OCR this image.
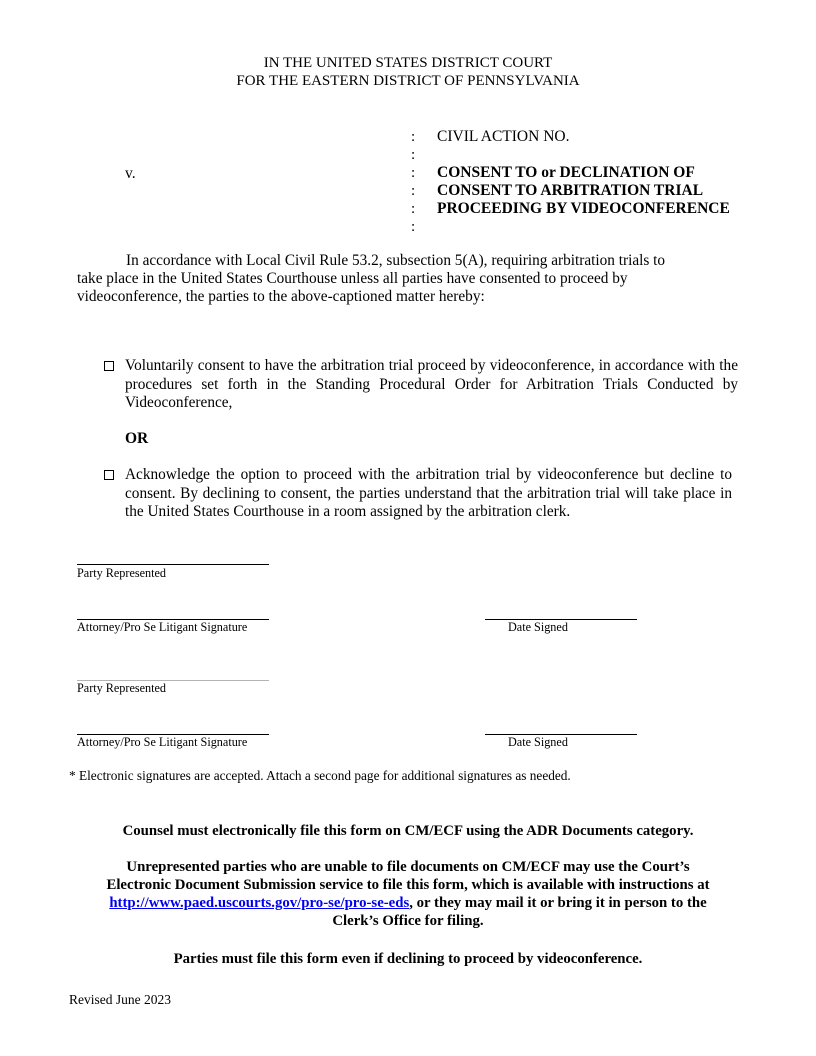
IN THE UNITED STATES DISTRICT COURT
FOR THE EASTERN DISTRICT OF PENNSYLVANIA
v.
:
:
:
:
:
:
CIVIL ACTION NO.
CONSENT TO or DECLINATION OF
CONSENT TO ARBITRATION TRIAL
PROCEEDING BY VIDEOCONFERENCE
In accordance with Local Civil Rule 53.2, subsection 5(A), requiring arbitration trials to
take place in the United States Courthouse unless all parties have consented to proceed by
videoconference, the parties to the above-captioned matter hereby:
Voluntarily consent to have the arbitration trial proceed by videoconference, in accordance with the procedures set forth in the Standing Procedural Order for Arbitration Trials Conducted by Videoconference,
OR
Acknowledge the option to proceed with the arbitration trial by videoconference but decline to consent. By declining to consent, the parties understand that the arbitration trial will take place in the United States Courthouse in a room assigned by the arbitration clerk.
Party Represented
Attorney/Pro Se Litigant Signature	Date Signed
Party Represented
Attorney/Pro Se Litigant Signature	Date Signed
* Electronic signatures are accepted. Attach a second page for additional signatures as needed.
Counsel must electronically file this form on CM/ECF using the ADR Documents category.
Unrepresented parties who are unable to file documents on CM/ECF may use the Court’s
Electronic Document Submission service to file this form, which is available with instructions at
http://www.paed.uscourts.gov/pro-se/pro-se-eds, or they may mail it or bring it in person to the
Clerk’s Office for filing.
Parties must file this form even if declining to proceed by videoconference.
Revised June 2023
